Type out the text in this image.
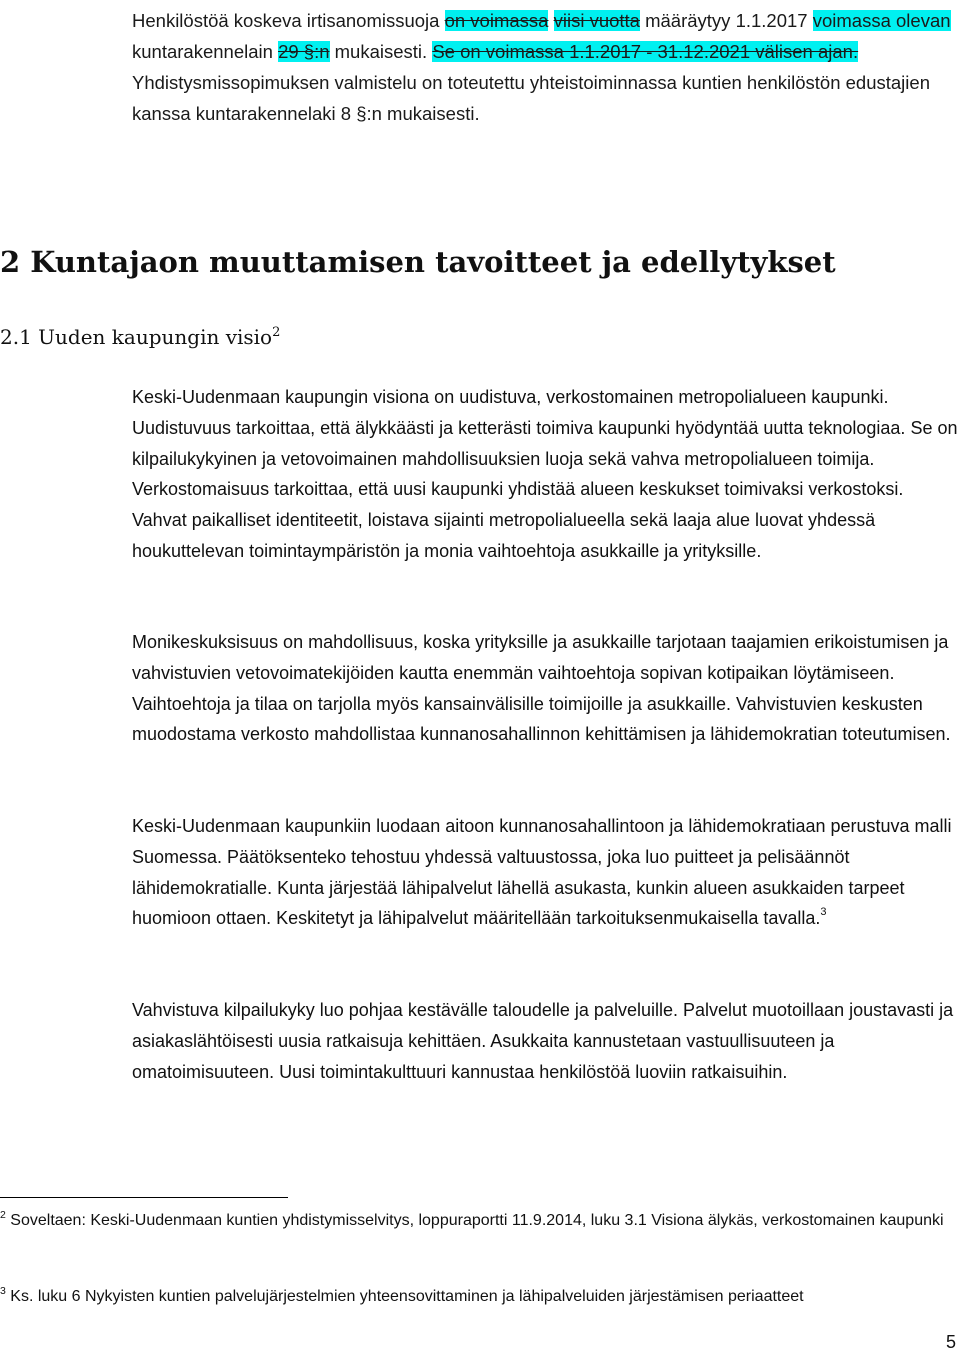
Henkilöstöä koskeva irtisanomissuoja on voimassa viisi vuotta määräytyy 1.1.2017 voimassa olevan kuntarakennelain 29 §:n mukaisesti. Se on voimassa 1.1.2017 - 31.12.2021 välisen ajan. Yhdistysmissopimuksen valmistelu on toteutettu yhteistoiminnassa kuntien henkilöstön edustajien kanssa kuntarakennelaki 8 §:n mukaisesti.
2 Kuntajaon muuttamisen tavoitteet ja edellytykset
2.1 Uuden kaupungin visio$^2$

Keski-Uudenmaan kaupungin visiona on uudistuva, verkostomainen metropolialueen kaupunki. Uudistuvuus tarkoittaa, että älykkäästi ja ketterästi toimiva kaupunki hyödyntää uutta teknologiaa. Se on kilpailukykyinen ja vetovoimainen mahdollisuuksien luoja sekä vahva metropolialueen toimija. Verkostomaisuus tarkoittaa, että uusi kaupunki yhdistää alueen keskukset toimivaksi verkostoksi. Vahvat paikalliset identiteetit, loistava sijainti metropolialueella sekä laaja alue luovat yhdessä houkuttelevan toimintaympäristön ja monia vaihtoehtoja asukkaille ja yrityksille.

Monikeskuksisuus on mahdollisuus, koska yrityksille ja asukkaille tarjotaan taajamien erikoistumisen ja vahvistuvien vetovoimatekijöiden kautta enemmän vaihtoehtoja sopivan kotipaikan löytämiseen. Vaihtoehtoja ja tilaa on tarjolla myös kansainvälisille toimijoille ja asukkaille. Vahvistuvien keskusten muodostama verkosto mahdollistaa kunnanosahallinnon kehittämisen ja lähidemokratian toteutumisen.

Keski-Uudenmaan kaupunkiin luodaan aitoon kunnanosahallintoon ja lähidemokratiaan perustuva malli Suomessa. Päätöksenteko tehostuu yhdessä valtuustossa, joka luo puitteet ja pelisäännöt lähidemokratialle. Kunta järjestää lähipalvelut lähellä asukasta, kunkin alueen asukkaiden tarpeet huomioon ottaen. Keskitetyt ja lähipalvelut määritellään tarkoituksenmukaisella tavalla.$^3$

Vahvistuva kilpailukyky luo pohjaa kestävälle taloudelle ja palveluille. Palvelut muotoillaan joustavasti ja asiakaslähtöisesti uusia ratkaisuja kehittäen. Asukkaita kannustetaan vastuullisuuteen ja omatoimisuuteen. Uusi toimintakulttuuri kannustaa henkilöstöä luoviin ratkaisuihin.

$^2$ Soveltaen: Keski-Uudenmaan kuntien yhdistymisselvitys, loppuraportti 11.9.2014, luku 3.1 Visiona älykäs, verkostomainen kaupunki

$^3$ Ks. luku 6 Nykyisten kuntien palvelujärjestelmien yhteensovittaminen ja lähipalveluiden järjestämisen periaatteet

5
